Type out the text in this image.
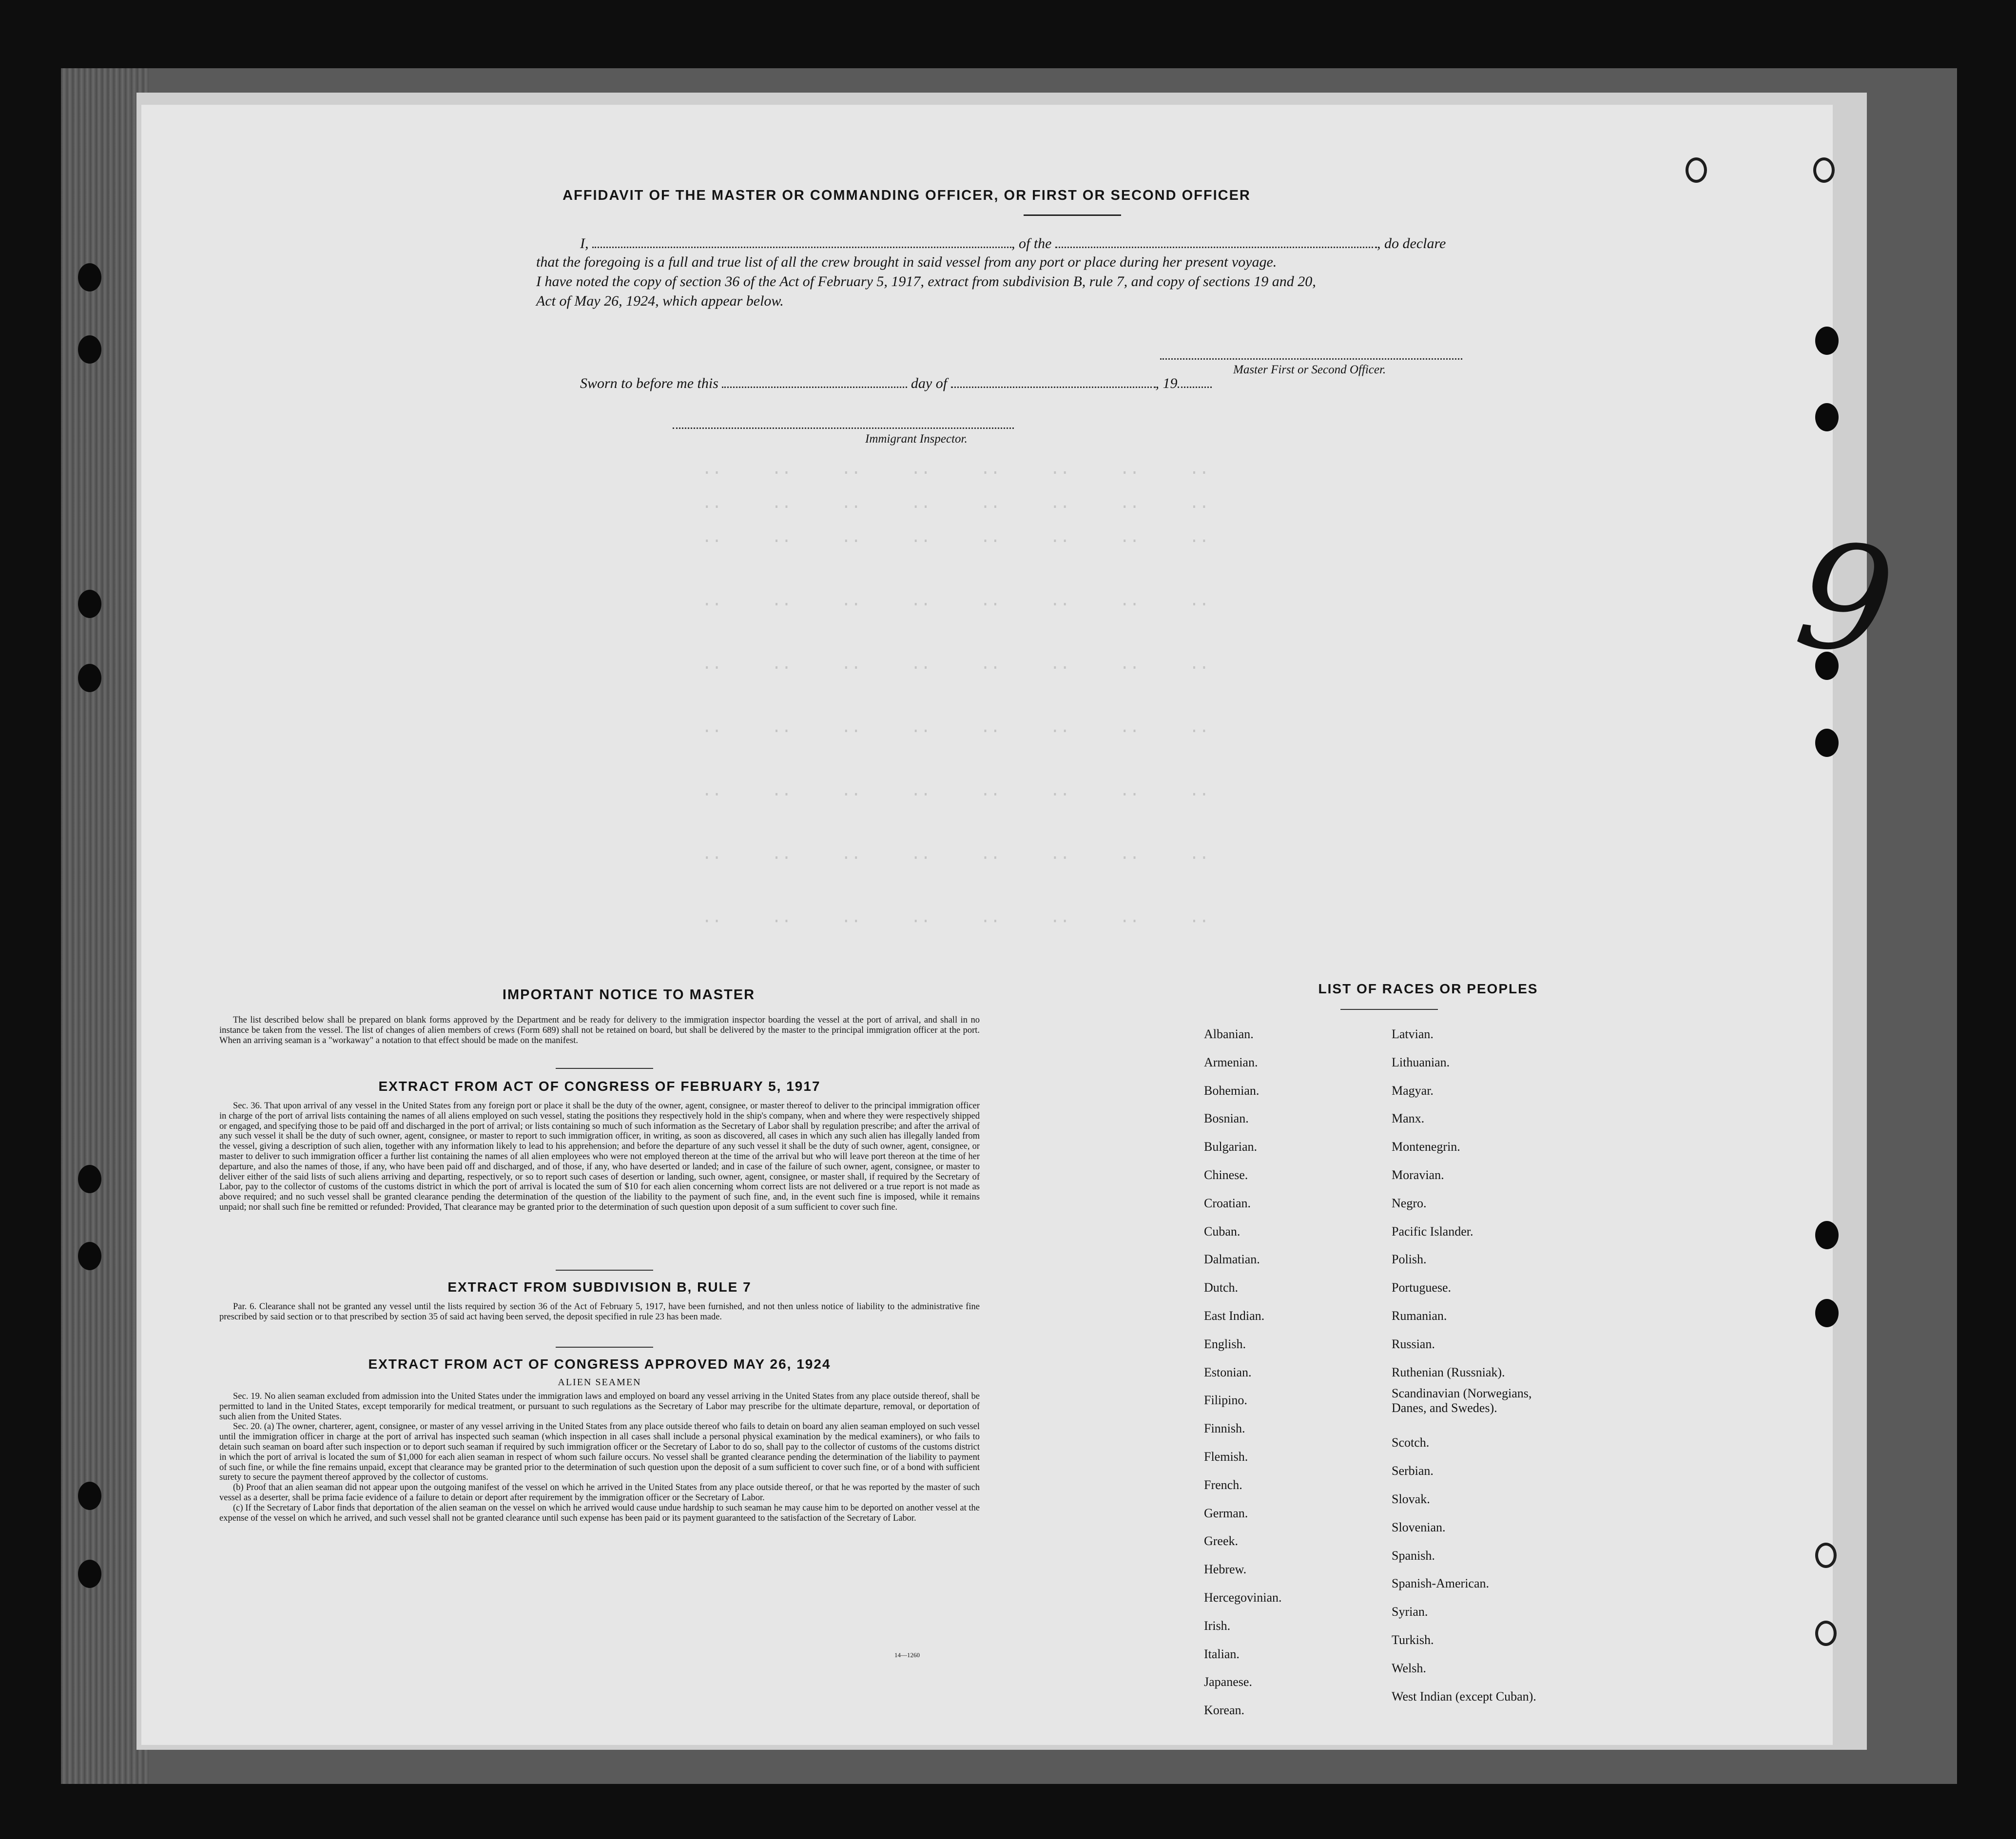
..     ..     ..     ..     ..     ..     ..     ..
..     ..     ..     ..     ..     ..     ..     ..
..     ..     ..     ..     ..     ..     ..     ..
..     ..     ..     ..     ..     ..     ..     ..
..     ..     ..     ..     ..     ..     ..     ..
..     ..     ..     ..     ..     ..     ..     ..
..     ..     ..     ..     ..     ..     ..     ..
..     ..     ..     ..     ..     ..     ..     ..
..     ..     ..     ..     ..     ..     ..     ..
AFFIDAVIT OF THE MASTER OR COMMANDING OFFICER, OR FIRST OR SECOND OFFICER
I,	, of the	, do declare
that the foregoing is a full and true list of all the crew brought in said vessel from any port or place during her present voyage.
I have noted the copy of section 36 of the Act of February 5, 1917, extract from subdivision B, rule 7, and copy of sections 19 and 20,
Act of May 26, 1924, which appear below.
Master First or Second Officer.
Sworn to before me this	day of	, 19
Immigrant Inspector.
IMPORTANT NOTICE TO MASTER

The list described below shall be prepared on blank forms approved by the Department and be ready for delivery to the immigration inspector boarding the vessel at the port of arrival, and shall in no instance be taken from the vessel. The list of changes of alien members of crews (Form 689) shall not be retained on board, but shall be delivered by the master to the principal immigration officer at the port. When an arriving seaman is a "workaway" a notation to that effect should be made on the manifest.

EXTRACT FROM ACT OF CONGRESS OF FEBRUARY 5, 1917

Sec. 36. That upon arrival of any vessel in the United States from any foreign port or place it shall be the duty of the owner, agent, consignee, or master thereof to deliver to the principal immigration officer in charge of the port of arrival lists containing the names of all aliens employed on such vessel, stating the positions they respectively hold in the ship's company, when and where they were respectively shipped or engaged, and specifying those to be paid off and discharged in the port of arrival; or lists containing so much of such information as the Secretary of Labor shall by regulation prescribe; and after the arrival of any such vessel it shall be the duty of such owner, agent, consignee, or master to report to such immigration officer, in writing, as soon as discovered, all cases in which any such alien has illegally landed from the vessel, giving a description of such alien, together with any information likely to lead to his apprehension; and before the departure of any such vessel it shall be the duty of such owner, agent, consignee, or master to deliver to such immigration officer a further list containing the names of all alien employees who were not employed thereon at the time of the arrival but who will leave port thereon at the time of her departure, and also the names of those, if any, who have been paid off and discharged, and of those, if any, who have deserted or landed; and in case of the failure of such owner, agent, consignee, or master to deliver either of the said lists of such aliens arriving and departing, respectively, or so to report such cases of desertion or landing, such owner, agent, consignee, or master shall, if required by the Secretary of Labor, pay to the collector of customs of the customs district in which the port of arrival is located the sum of $10 for each alien concerning whom correct lists are not delivered or a true report is not made as above required; and no such vessel shall be granted clearance pending the determination of the question of the liability to the payment of such fine, and, in the event such fine is imposed, while it remains unpaid; nor shall such fine be remitted or refunded: Provided, That clearance may be granted prior to the determination of such question upon deposit of a sum sufficient to cover such fine.

EXTRACT FROM SUBDIVISION B, RULE 7

Par. 6. Clearance shall not be granted any vessel until the lists required by section 36 of the Act of February 5, 1917, have been furnished, and not then unless notice of liability to the administrative fine prescribed by said section or to that prescribed by section 35 of said act having been served, the deposit specified in rule 23 has been made.

EXTRACT FROM ACT OF CONGRESS APPROVED MAY 26, 1924
ALIEN SEAMEN

Sec. 19. No alien seaman excluded from admission into the United States under the immigration laws and employed on board any vessel arriving in the United States from any place outside thereof, shall be permitted to land in the United States, except temporarily for medical treatment, or pursuant to such regulations as the Secretary of Labor may prescribe for the ultimate departure, removal, or deportation of such alien from the United States.

Sec. 20. (a) The owner, charterer, agent, consignee, or master of any vessel arriving in the United States from any place outside thereof who fails to detain on board any alien seaman employed on such vessel until the immigration officer in charge at the port of arrival has inspected such seaman (which inspection in all cases shall include a personal physical examination by the medical examiners), or who fails to detain such seaman on board after such inspection or to deport such seaman if required by such immigration officer or the Secretary of Labor to do so, shall pay to the collector of customs of the customs district in which the port of arrival is located the sum of $1,000 for each alien seaman in respect of whom such failure occurs. No vessel shall be granted clearance pending the determination of the liability to payment of such fine, or while the fine remains unpaid, except that clearance may be granted prior to the determination of such question upon the deposit of a sum sufficient to cover such fine, or of a bond with sufficient surety to secure the payment thereof approved by the collector of customs.

(b) Proof that an alien seaman did not appear upon the outgoing manifest of the vessel on which he arrived in the United States from any place outside thereof, or that he was reported by the master of such vessel as a deserter, shall be prima facie evidence of a failure to detain or deport after requirement by the immigration officer or the Secretary of Labor.

(c) If the Secretary of Labor finds that deportation of the alien seaman on the vessel on which he arrived would cause undue hardship to such seaman he may cause him to be deported on another vessel at the expense of the vessel on which he arrived, and such vessel shall not be granted clearance until such expense has been paid or its payment guaranteed to the satisfaction of the Secretary of Labor.

14—1260
LIST OF RACES OR PEOPLES
Albanian.
Armenian.
Bohemian.
Bosnian.
Bulgarian.
Chinese.
Croatian.
Cuban.
Dalmatian.
Dutch.
East Indian.
English.
Estonian.
Filipino.
Finnish.
Flemish.
French.
German.
Greek.
Hebrew.
Hercegovinian.
Irish.
Italian.
Japanese.
Korean.
Latvian.
Lithuanian.
Magyar.
Manx.
Montenegrin.
Moravian.
Negro.
Pacific Islander.
Polish.
Portuguese.
Rumanian.
Russian.
Ruthenian (Russniak).
Scandinavian (Norwegians, Danes, and Swedes).
Scotch.
Serbian.
Slovak.
Slovenian.
Spanish.
Spanish-American.
Syrian.
Turkish.
Welsh.
West Indian (except Cuban).
9
